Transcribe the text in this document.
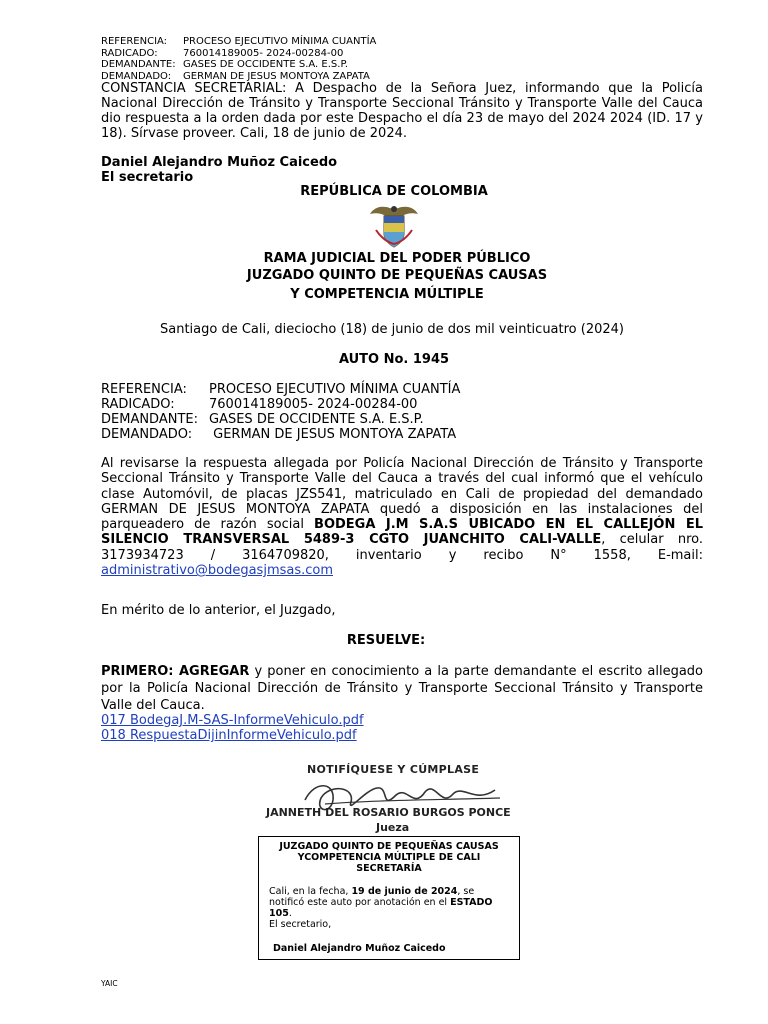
REFERENCIA: PROCESO EJECUTIVO MÍNIMA CUANTÍA
RADICADO:	760014189005- 2024-00284-00
DEMANDANTE: GASES DE OCCIDENTE S.A. E.S.P.
DEMANDADO: GERMAN DE JESUS MONTOYA ZAPATA
CONSTANCIA SECRETARIAL: A Despacho de la Señora Juez, informando que la Policía Nacional Dirección de Tránsito y Transporte Seccional Tránsito y Transporte Valle del Cauca dio respuesta a la orden dada por este Despacho el día 23 de mayo del 2024 2024 (ID. 17 y 18). Sírvase proveer. Cali, 18 de junio de 2024.
Daniel Alejandro Muñoz Caicedo
El secretario
REPÚBLICA DE COLOMBIA
RAMA JUDICIAL DEL PODER PÚBLICO
JUZGADO QUINTO DE PEQUEÑAS CAUSAS
Y COMPETENCIA MÚLTIPLE
Santiago de Cali, dieciocho (18) de junio de dos mil veinticuatro (2024)
AUTO No. 1945
REFERENCIA: PROCESO EJECUTIVO MÍNIMA CUANTÍA
RADICADO:	760014189005- 2024-00284-00
DEMANDANTE: GASES DE OCCIDENTE S.A. E.S.P.
DEMANDADO: GERMAN DE JESUS MONTOYA ZAPATA
Al revisarse la respuesta allegada por Policía Nacional Dirección de Tránsito y Transporte Seccional Tránsito y Transporte Valle del Cauca a través del cual informó que el vehículo clase Automóvil, de placas JZS541, matriculado en Cali de propiedad del demandado GERMAN DE JESUS MONTOYA ZAPATA quedó a disposición en las instalaciones del parqueadero de razón social BODEGA J.M S.A.S UBICADO EN EL CALLEJÓN EL SILENCIO TRANSVERSAL 5489-3 CGTO JUANCHITO CALI-VALLE, celular nro. 3173934723 / 3164709820, inventario y recibo N° 1558, E-mail: administrativo@bodegasjmsas.com
En mérito de lo anterior, el Juzgado,
RESUELVE:
PRIMERO: AGREGAR y poner en conocimiento a la parte demandante el escrito allegado por la Policía Nacional Dirección de Tránsito y Transporte Seccional Tránsito y Transporte Valle del Cauca.
017 BodegaJ.M-SAS-InformeVehiculo.pdf
018 RespuestaDijinInformeVehiculo.pdf
NOTIFÍQUESE Y CÚMPLASE
JANNETH DEL ROSARIO BURGOS PONCE
Jueza
JUZGADO QUINTO DE PEQUEÑAS CAUSAS
YCOMPETENCIA MÚLTIPLE DE CALI
SECRETARÍA
Cali, en la fecha, 19 de junio de 2024, se notificó este auto por anotación en el ESTADO 105.
El secretario,
Daniel Alejandro Muñoz Caicedo
YAIC
